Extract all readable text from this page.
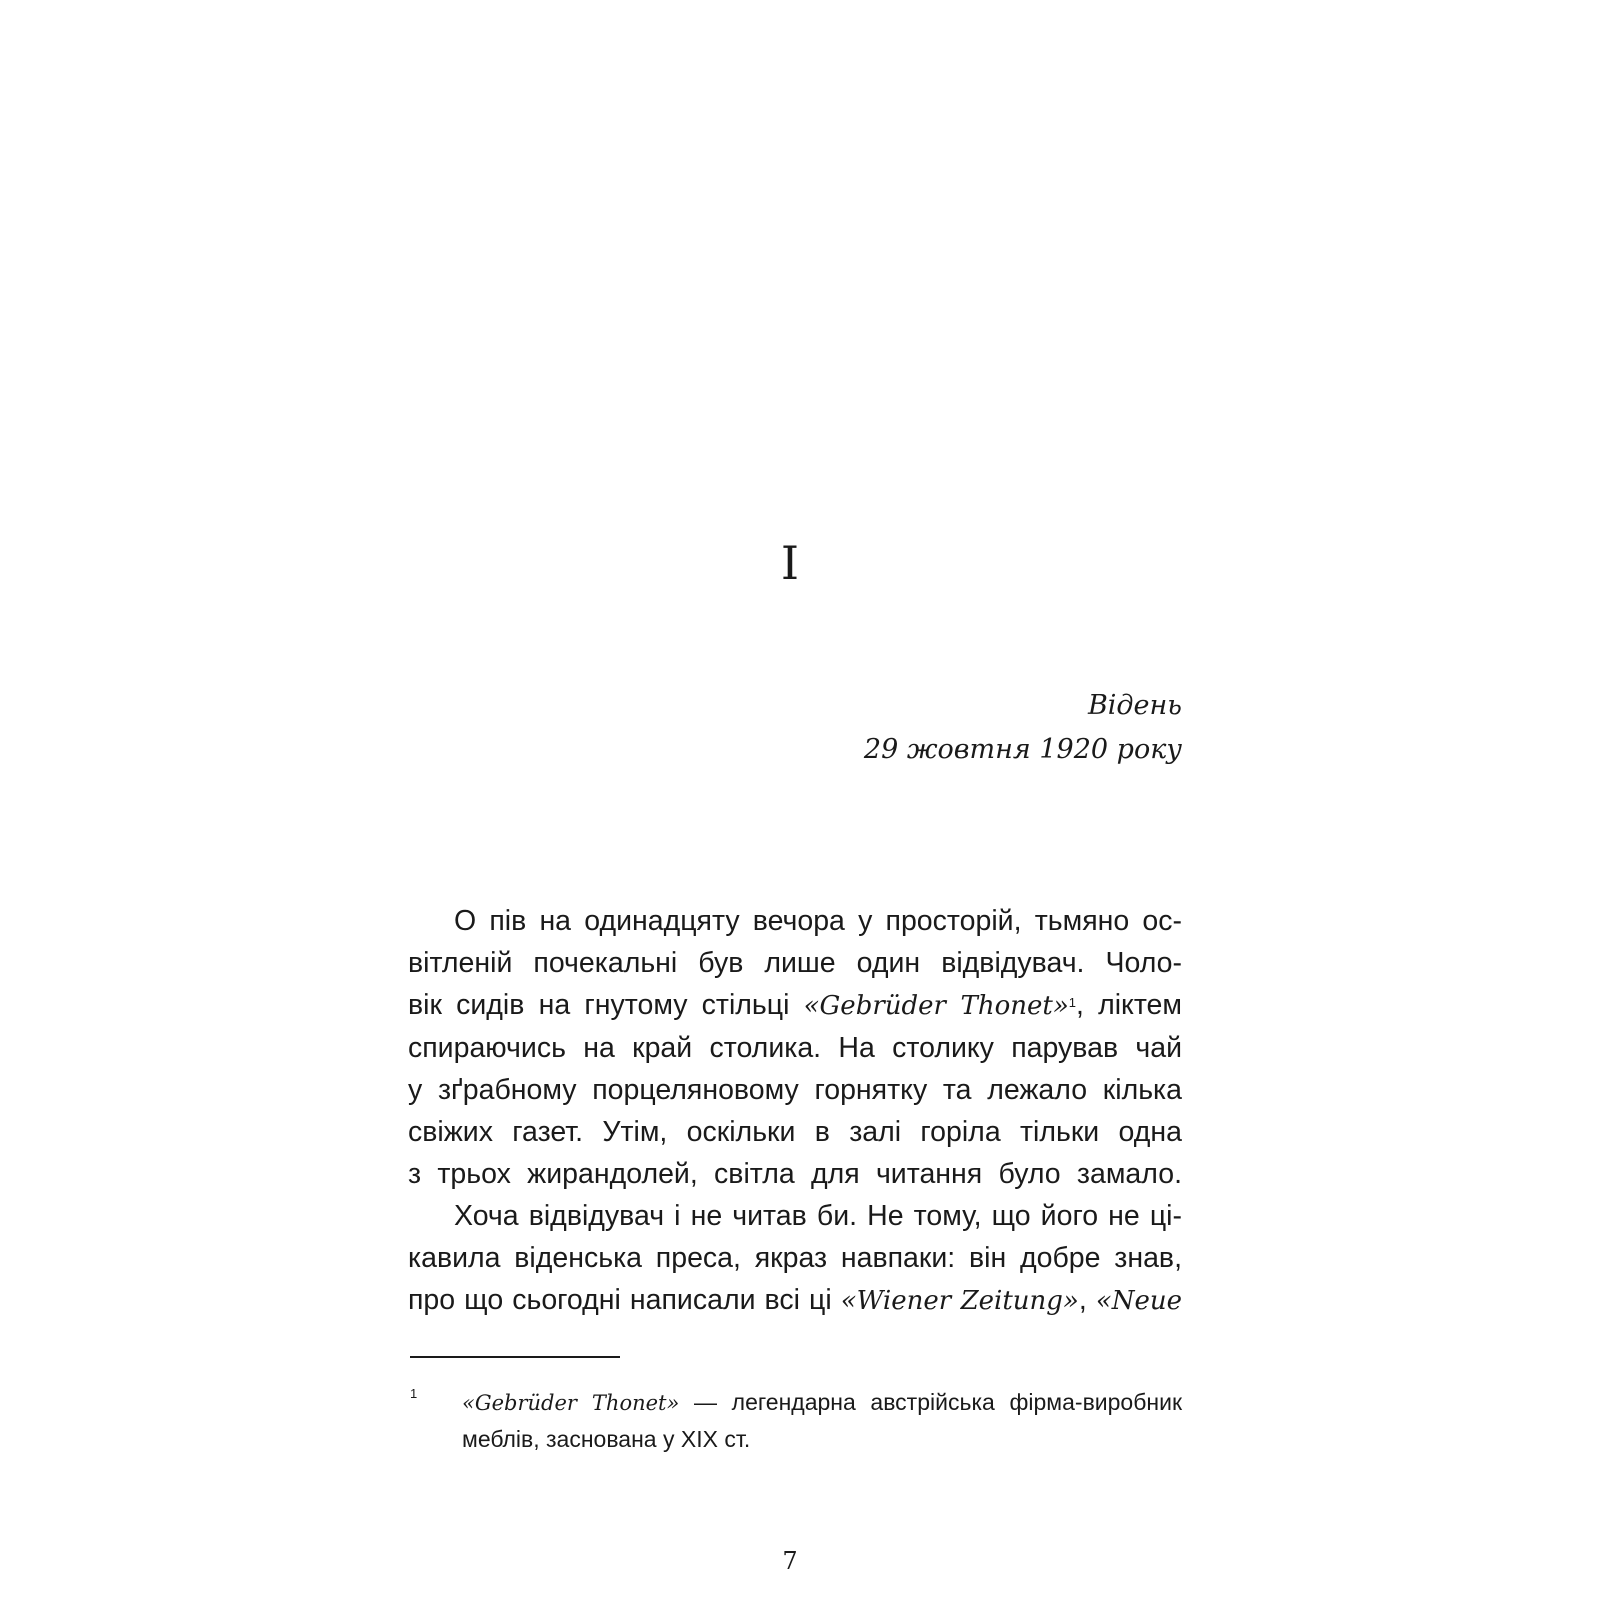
I
Відень
29 жовтня 1920 року
О пів на одинадцяту вечора у просторій, тьмяно ос-
вітленій почекальні був лише один відвідувач. Чоло-
вік сидів на гнутому стільці «Gebrüder Thonet»$^1$, ліктем
спираючись на край столика. На столику парував чай
у зґрабному порцеляновому горнятку та лежало кілька
свіжих газет. Утім, оскільки в залі горіла тільки одна
з трьох жирандолей, світла для читання було замало.
Хоча відвідувач і не читав би. Не тому, що його не ці-
кавила віденська преса, якраз навпаки: він добре знав,
про що сьогодні написали всі ці «Wiener Zeitung», «Neue
1 «Gebrüder Thonet» — легендарна австрійська фірма-виробник
меблів, заснована у XIX ст.
7
